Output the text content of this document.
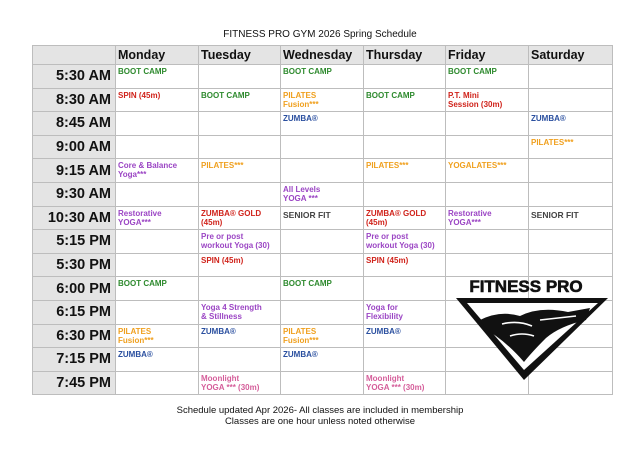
FITNESS PRO GYM 2026 Spring Schedule
	Monday	Tuesday	Wednesday	Thursday	Friday	Saturday
5:30 AM	BOOT CAMP		BOOT CAMP		BOOT CAMP	

8:30 AM	SPIN (45m)	BOOT CAMP	PILATES
Fusion***	BOOT CAMP	P.T. Mini
Session (30m)	

8:45 AM			ZUMBA®			ZUMBA®

9:00 AM						PILATES***

9:15 AM	Core & Balance
Yoga***	PILATES***		PILATES***	YOGALATES***	

9:30 AM			All Levels
YOGA ***			

10:30 AM	Restorative
YOGA***	ZUMBA® GOLD
(45m)	SENIOR FIT	ZUMBA® GOLD
(45m)	Restorative
YOGA***	SENIOR FIT

5:15 PM		Pre or post
workout Yoga (30)		Pre or post
workout Yoga (30)		

5:30 PM		SPIN (45m)		SPIN (45m)		

6:00 PM	BOOT CAMP		BOOT CAMP			

6:15 PM		Yoga 4 Strength
& Stillness		Yoga for
Flexibility		

6:30 PM	PILATES
Fusion***	ZUMBA®	PILATES
Fusion***	ZUMBA®		

7:15 PM	ZUMBA®		ZUMBA®			

7:45 PM		Moonlight
YOGA *** (30m)		Moonlight
YOGA *** (30m)		

FITNESS PRO
Schedule updated Apr 2026- All classes are included in membership
Classes are one hour unless noted otherwise
